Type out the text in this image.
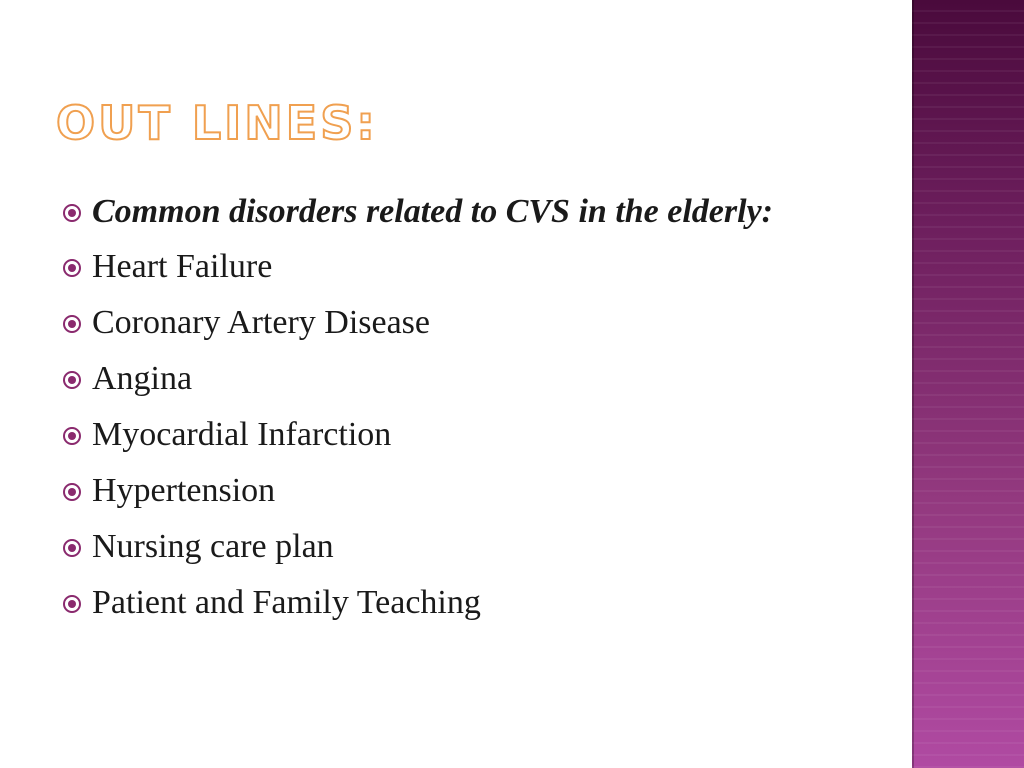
OUT LINES:
Common disorders related to CVS in the elderly:
Heart Failure
Coronary Artery Disease
Angina
Myocardial Infarction
Hypertension
Nursing care plan
Patient and Family Teaching
